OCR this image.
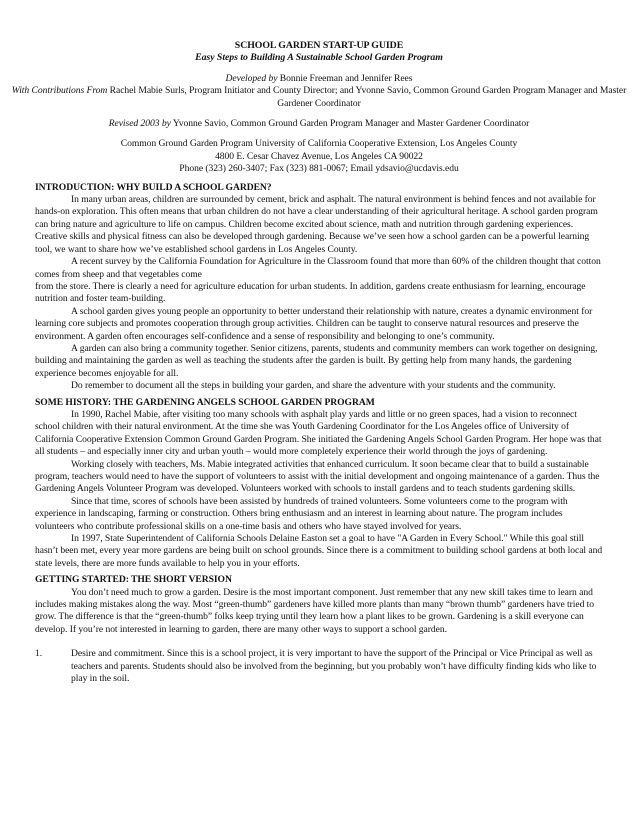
SCHOOL GARDEN START-UP GUIDE
Easy Steps to Building A Sustainable School Garden Program
Developed by Bonnie Freeman and Jennifer Rees
With Contributions From Rachel Mabie Surls, Program Initiator and County Director; and Yvonne Savio, Common Ground Garden Program Manager and Master Gardener Coordinator
Revised 2003 by Yvonne Savio, Common Ground Garden Program Manager and Master Gardener Coordinator
Common Ground Garden Program University of California Cooperative Extension, Los Angeles County
4800 E. Cesar Chavez Avenue, Los Angeles CA 90022
Phone (323) 260-3407; Fax (323) 881-0067; Email ydsavio@ucdavis.edu
INTRODUCTION: WHY BUILD A SCHOOL GARDEN?

In many urban areas, children are surrounded by cement, brick and asphalt. The natural environment is behind fences and not available for hands-on exploration. This often means that urban children do not have a clear understanding of their agricultural heritage. A school garden program can bring nature and agriculture to life on campus. Children become excited about science, math and nutrition through gardening experiences. Creative skills and physical fitness can also be developed through gardening. Because we’ve seen how a school garden can be a powerful learning tool, we want to share how we’ve established school gardens in Los Angeles County.

A recent survey by the California Foundation for Agriculture in the Classroom found that more than 60% of the children thought that cotton comes from sheep and that vegetables come

from the store. There is clearly a need for agriculture education for urban students. In addition, gardens create enthusiasm for learning, encourage nutrition and foster team-building.

A school garden gives young people an opportunity to better understand their relationship with nature, creates a dynamic environment for learning core subjects and promotes cooperation through group activities. Children can be taught to conserve natural resources and preserve the environment. A garden often encourages self-confidence and a sense of responsibility and belonging to one’s community.

A garden can also bring a community together. Senior citizens, parents, students and community members can work together on designing, building and maintaining the garden as well as teaching the students after the garden is built. By getting help from many hands, the gardening experience becomes enjoyable for all.

Do remember to document all the steps in building your garden, and share the adventure with your students and the community.

SOME HISTORY: THE GARDENING ANGELS SCHOOL GARDEN PROGRAM

In 1990, Rachel Mabie, after visiting too many schools with asphalt play yards and little or no green spaces, had a vision to reconnect school children with their natural environment. At the time she was Youth Gardening Coordinator for the Los Angeles office of University of California Cooperative Extension Common Ground Garden Program. She initiated the Gardening Angels School Garden Program. Her hope was that all students – and especially inner city and urban youth – would more completely experience their world through the joys of gardening.

Working closely with teachers, Ms. Mabie integrated activities that enhanced curriculum. It soon became clear that to build a sustainable program, teachers would need to have the support of volunteers to assist with the initial development and ongoing maintenance of a garden. Thus the Gardening Angels Volunteer Program was developed. Volunteers worked with schools to install gardens and to teach students gardening skills.

Since that time, scores of schools have been assisted by hundreds of trained volunteers. Some volunteers come to the program with experience in landscaping, farming or construction. Others bring enthusiasm and an interest in learning about nature. The program includes volunteers who contribute professional skills on a one-time basis and others who have stayed involved for years.

In 1997, State Superintendent of California Schools Delaine Easton set a goal to have "A Garden in Every School." While this goal still hasn’t been met, every year more gardens are being built on school grounds. Since there is a commitment to building school gardens at both local and state levels, there are more funds available to help you in your efforts.

GETTING STARTED: THE SHORT VERSION

You don’t need much to grow a garden. Desire is the most important component. Just remember that any new skill takes time to learn and includes making mistakes along the way. Most “green-thumb” gardeners have killed more plants than many “brown thumb” gardeners have tried to grow. The difference is that the “green-thumb” folks keep trying until they learn how a plant likes to be grown. Gardening is a skill everyone can develop. If you’re not interested in learning to garden, there are many other ways to support a school garden.

1.	Desire and commitment. Since this is a school project, it is very important to have the support of the Principal or Vice Principal as well as teachers and parents. Students should also be involved from the beginning, but you probably won’t have difficulty finding kids who like to play in the soil.
